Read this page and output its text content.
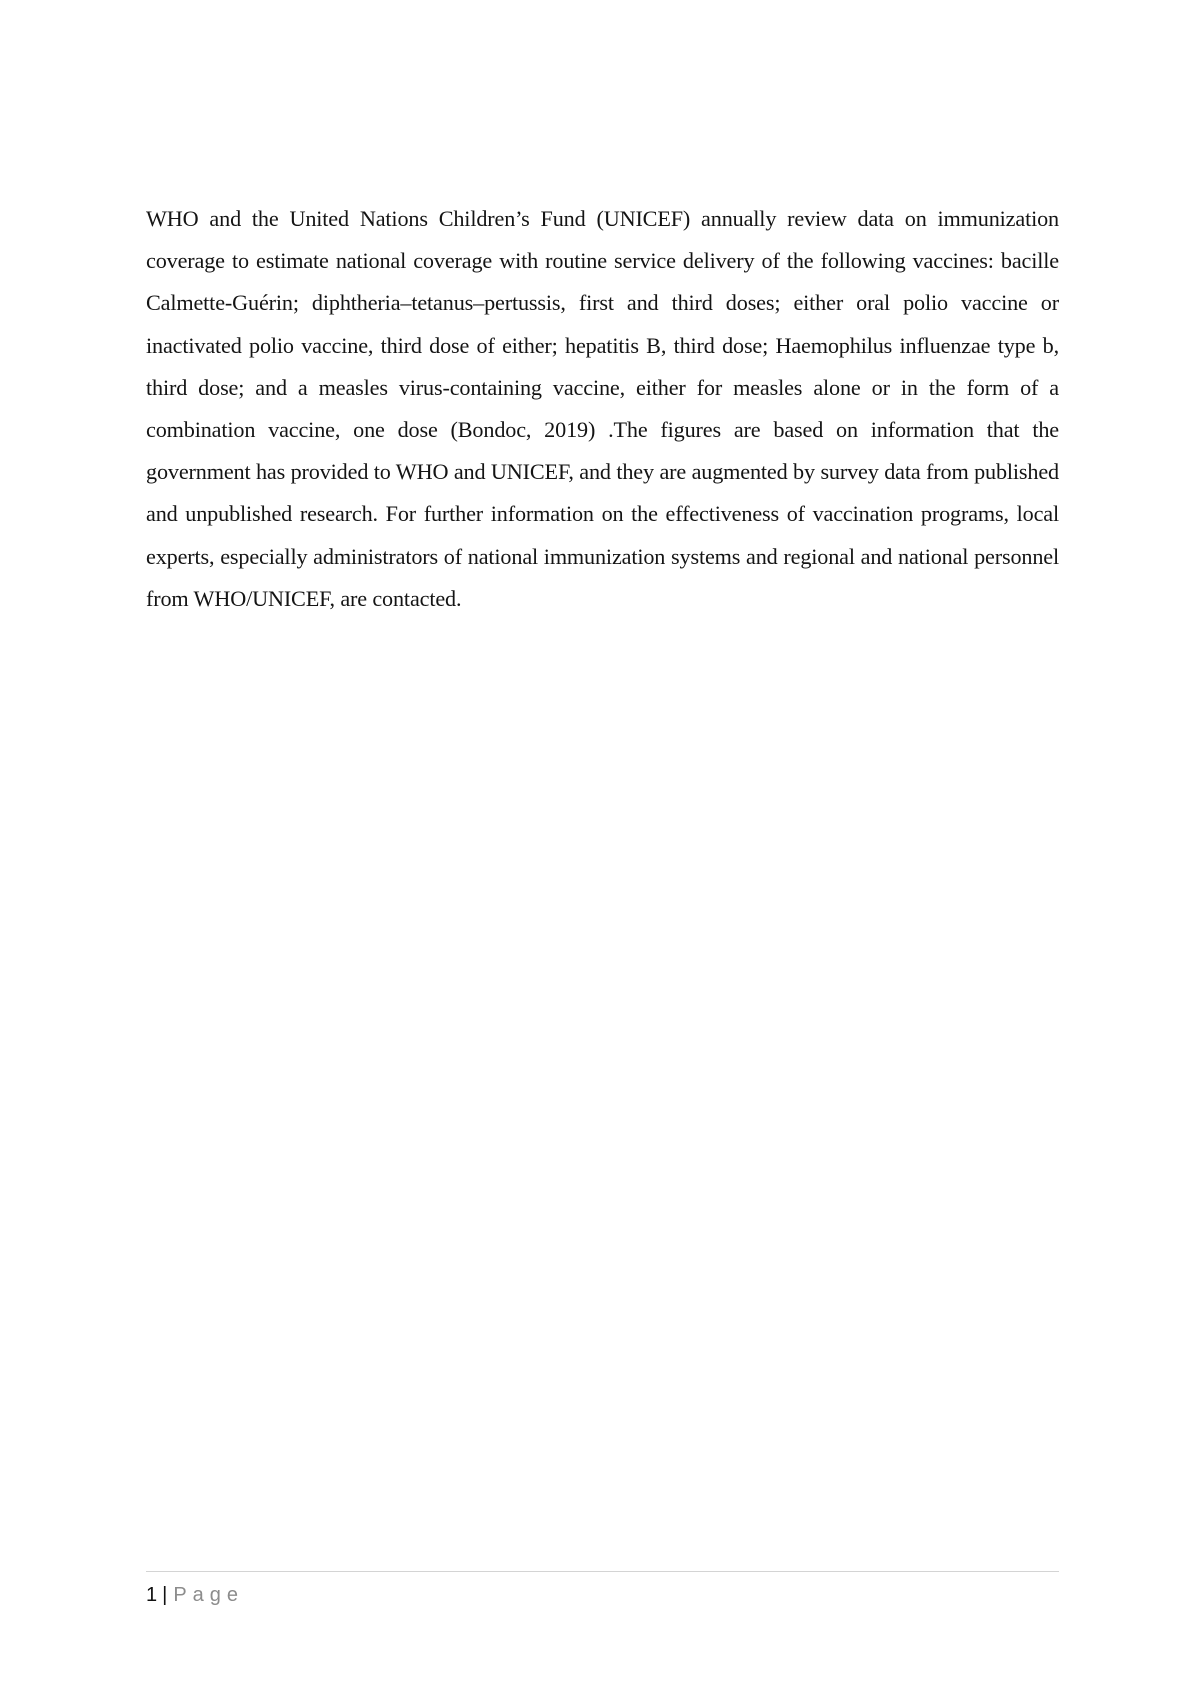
WHO and the United Nations Children’s Fund (UNICEF) annually review data on immunization coverage to estimate national coverage with routine service delivery of the following vaccines: bacille Calmette-Guérin; diphtheria–tetanus–pertussis, first and third doses; either oral polio vaccine or inactivated polio vaccine, third dose of either; hepatitis B, third dose; Haemophilus influenzae type b, third dose; and a measles virus-containing vaccine, either for measles alone or in the form of a combination vaccine, one dose (Bondoc, 2019) .The figures are based on information that the government has provided to WHO and UNICEF, and they are augmented by survey data from published and unpublished research. For further information on the effectiveness of vaccination programs, local experts, especially administrators of national immunization systems and regional and national personnel from WHO/UNICEF, are contacted.

1 | Page
